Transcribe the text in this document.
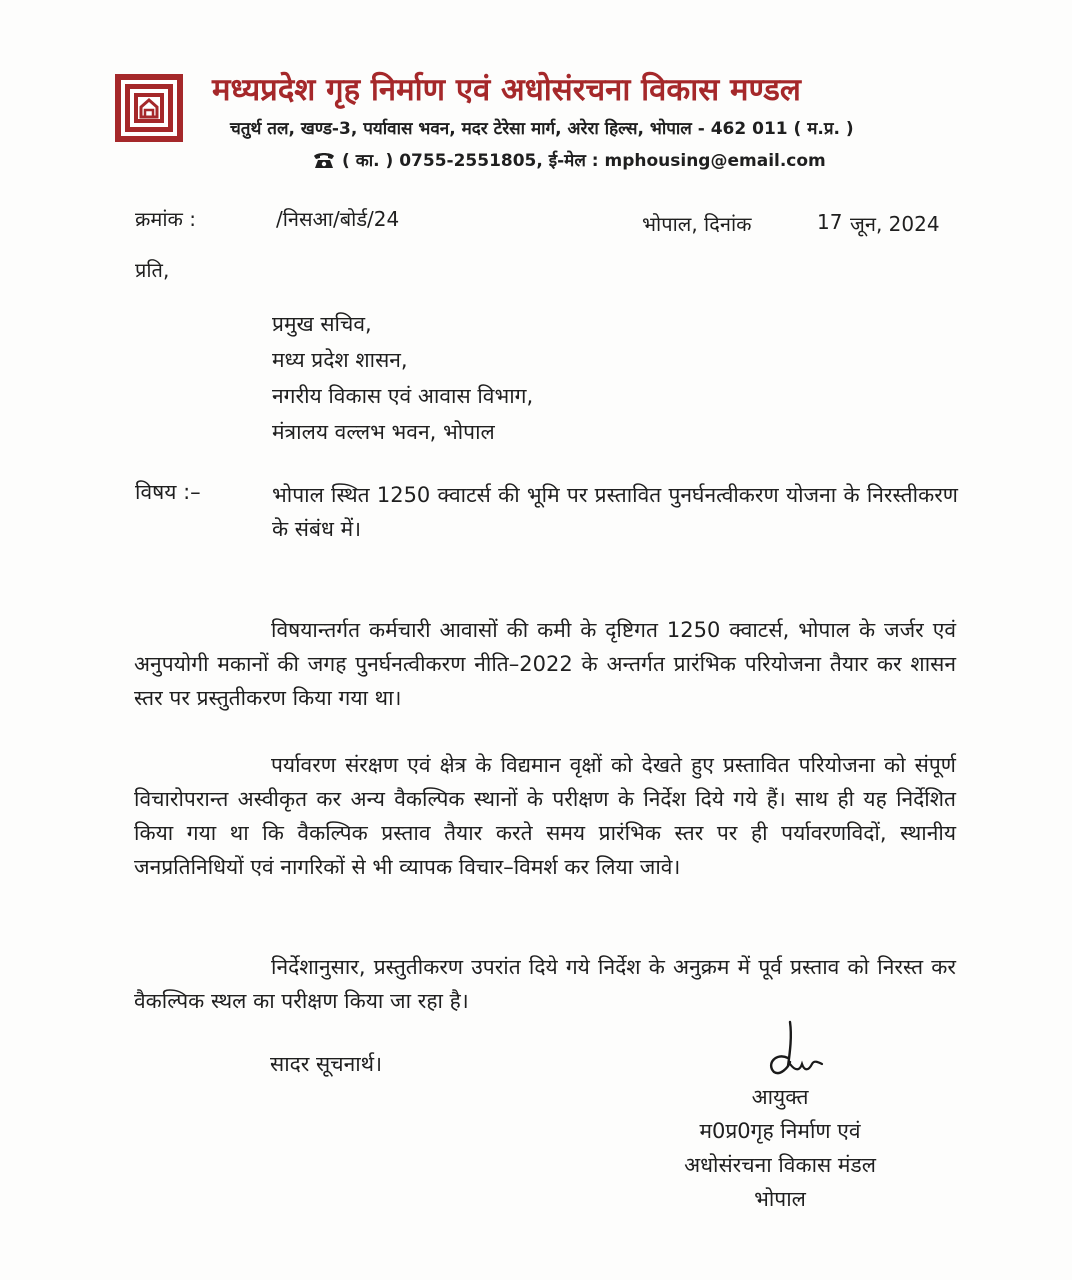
मध्यप्रदेश गृह निर्माण एवं अधोसंरचना विकास मण्डल
चतुर्थ तल, खण्ड-3, पर्यावास भवन, मदर टेरेसा मार्ग, अरेरा हिल्स, भोपाल - 462 011 ( म.प्र. )
( का. ) 0755-2551805, ई-मेल : mphousing@email.com
क्रमांक :	/निसआ/बोर्ड/24	भोपाल, दिनांक	17 जून, 2024
प्रति,
प्रमुख सचिव,
मध्य प्रदेश शासन,
नगरीय विकास एवं आवास विभाग,
मंत्रालय वल्लभ भवन, भोपाल
विषय :–	भोपाल स्थित 1250 क्वाटर्स की भूमि पर प्रस्तावित पुनर्घनत्वीकरण योजना के निरस्तीकरण के संबंध में।
विषयान्तर्गत कर्मचारी आवासों की कमी के दृष्टिगत 1250 क्वाटर्स, भोपाल के जर्जर एवं अनुपयोगी मकानों की जगह पुनर्घनत्वीकरण नीति–2022 के अन्तर्गत प्रारंभिक परियोजना तैयार कर शासन स्तर पर प्रस्तुतीकरण किया गया था।
पर्यावरण संरक्षण एवं क्षेत्र के विद्यमान वृक्षों को देखते हुए प्रस्तावित परियोजना को संपूर्ण विचारोपरान्त अस्वीकृत कर अन्य वैकल्पिक स्थानों के परीक्षण के निर्देश दिये गये हैं। साथ ही यह निर्देशित किया गया था कि वैकल्पिक प्रस्ताव तैयार करते समय प्रारंभिक स्तर पर ही पर्यावरणविदों, स्थानीय जनप्रतिनिधियों एवं नागरिकों से भी व्यापक विचार–विमर्श कर लिया जावे।
निर्देशानुसार, प्रस्तुतीकरण उपरांत दिये गये निर्देश के अनुक्रम में पूर्व प्रस्ताव को निरस्त कर वैकल्पिक स्थल का परीक्षण किया जा रहा है।
सादर सूचनार्थ।
आयुक्त
म0प्र0गृह निर्माण एवं
अधोसंरचना विकास मंडल
भोपाल
